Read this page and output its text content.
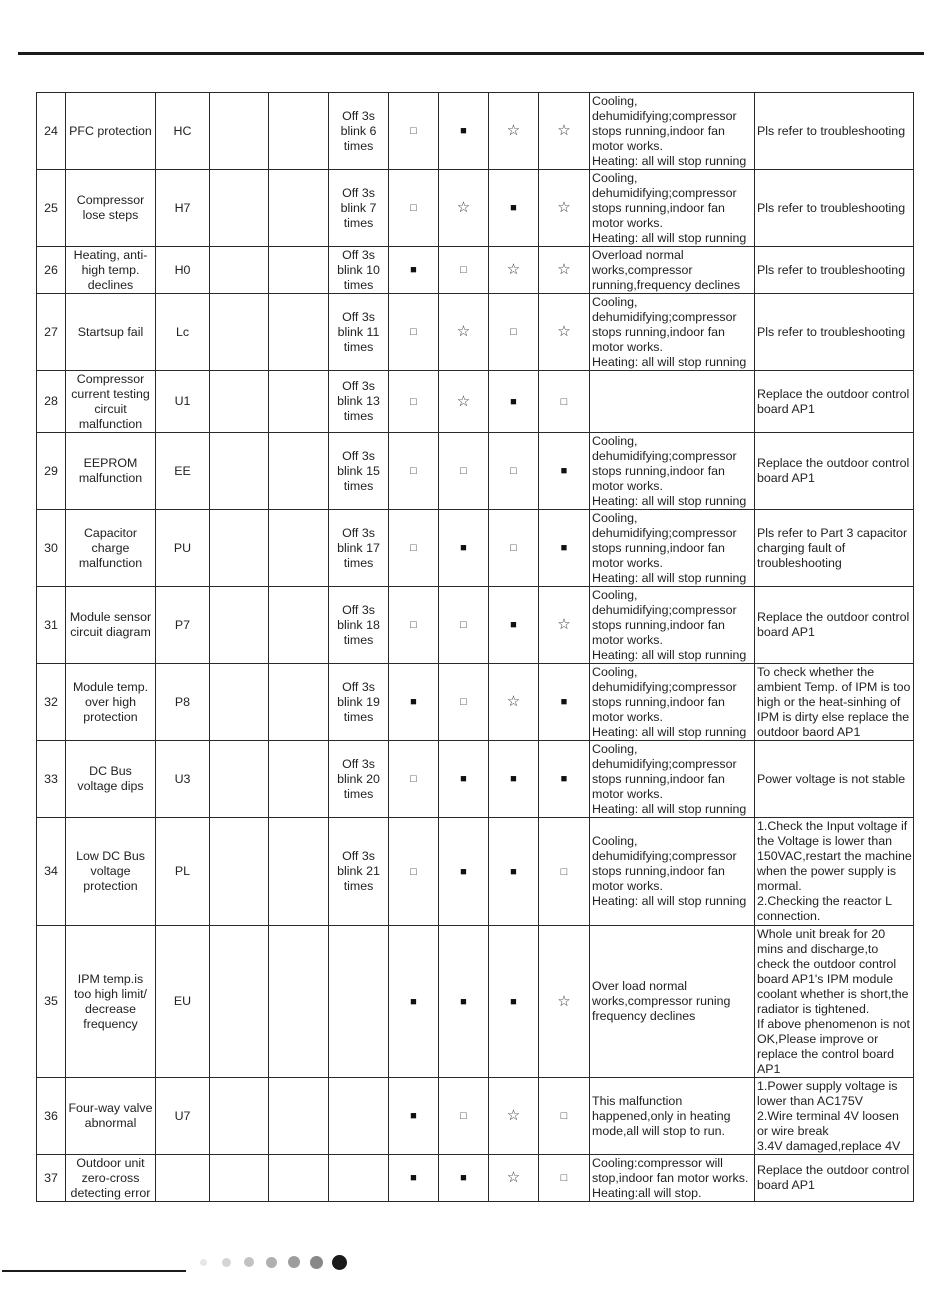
24	PFC protection	HC			Off 3s blink 6 times	□	■	☆	☆	Cooling, dehumidifying;compressor stops running,indoor fan motor works.
Heating: all will stop running	Pls refer to troubleshooting
25	Compressor lose steps	H7			Off 3s blink 7 times	□	☆	■	☆	Cooling, dehumidifying;compressor stops running,indoor fan motor works.
Heating: all will stop running	Pls refer to troubleshooting
26	Heating, anti-high temp. declines	H0			Off 3s blink 10 times	■	□	☆	☆	Overload normal works,compressor running,frequency declines	Pls refer to troubleshooting
27	Startsup fail	Lc			Off 3s blink 11 times	□	☆	□	☆	Cooling, dehumidifying;compressor stops running,indoor fan motor works.
Heating: all will stop running	Pls refer to troubleshooting
28	Compressor current testing circuit malfunction	U1			Off 3s blink 13 times	□	☆	■	□		Replace the outdoor control board AP1
29	EEPROM malfunction	EE			Off 3s blink 15 times	□	□	□	■	Cooling, dehumidifying;compressor stops running,indoor fan motor works.
Heating: all will stop running	Replace the outdoor control board AP1
30	Capacitor charge malfunction	PU			Off 3s blink 17 times	□	■	□	■	Cooling, dehumidifying;compressor stops running,indoor fan motor works.
Heating: all will stop running	Pls refer to Part 3 capacitor charging fault of troubleshooting
31	Module sensor circuit diagram	P7			Off 3s blink 18 times	□	□	■	☆	Cooling, dehumidifying;compressor stops running,indoor fan motor works.
Heating: all will stop running	Replace the outdoor control board AP1
32	Module temp. over high protection	P8			Off 3s blink 19 times	■	□	☆	■	Cooling, dehumidifying;compressor stops running,indoor fan motor works.
Heating: all will stop running	To check whether the ambient Temp. of IPM is too high or the heat-sinhing of IPM is dirty else replace the outdoor baord AP1
33	DC Bus voltage dips	U3			Off 3s blink 20 times	□	■	■	■	Cooling, dehumidifying;compressor stops running,indoor fan motor works.
Heating: all will stop running	Power voltage is not stable
34	Low DC Bus voltage protection	PL			Off 3s blink 21 times	□	■	■	□	Cooling, dehumidifying;compressor stops running,indoor fan motor works.
Heating: all will stop running	1.Check the Input voltage if the Voltage is lower than 150VAC,restart the machine when the power supply is mormal.
2.Checking the reactor L connection.
35	IPM temp.is too high limit/ decrease frequency	EU				■	■	■	☆	Over load normal works,compressor runing frequency declines	Whole unit break for 20 mins and discharge,to check the outdoor control board AP1's IPM module coolant whether is short,the radiator is tightened.
If above phenomenon is not OK,Please improve or replace the control board AP1
36	Four-way valve abnormal	U7				■	□	☆	□	This malfunction happened,only in heating mode,all will stop to run.	1.Power supply voltage is lower than AC175V
2.Wire terminal 4V loosen or wire break
3.4V damaged,replace 4V
37	Outdoor unit zero-cross detecting error					■	■	☆	□	Cooling:compressor will stop,indoor fan motor works.
Heating:all will stop.	Replace the outdoor control board AP1
